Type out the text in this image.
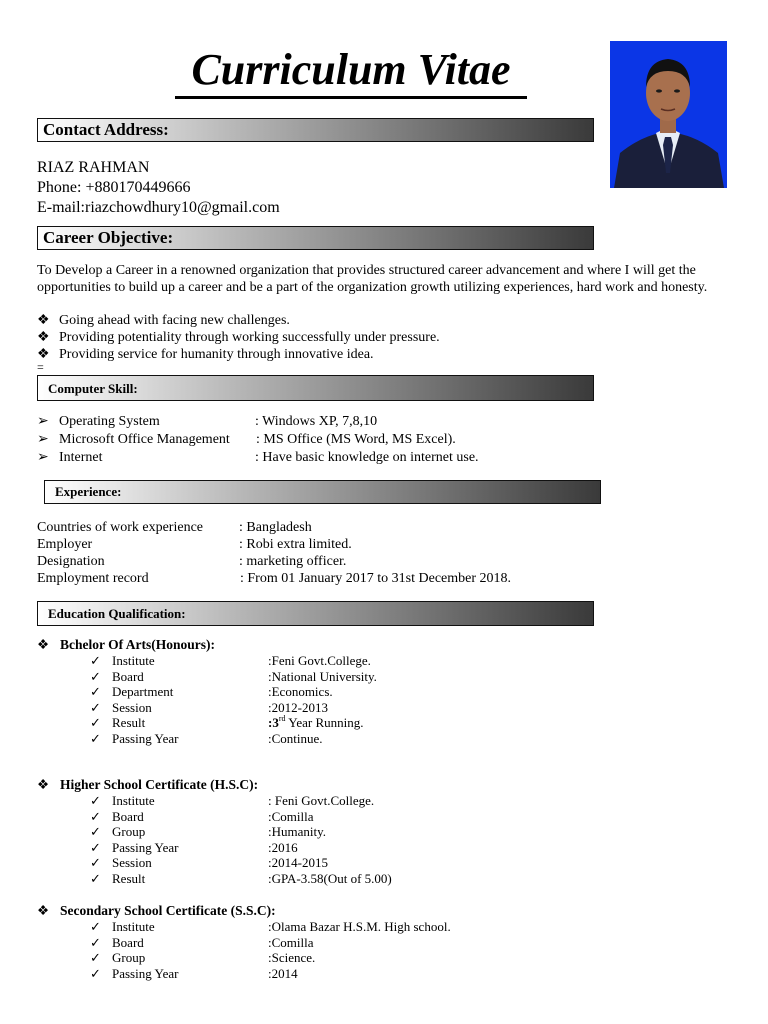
Curriculum Vitae
Contact Address:
RIAZ RAHMAN
Phone: +880170449666
E-mail:riazchowdhury10@gmail.com
Career Objective:
To Develop a Career in a renowned organization that provides structured career advancement and where I will get the opportunities to build up a career and be a part of the organization growth utilizing experiences, hard work and honesty.
❖ Going ahead with facing new challenges.
❖ Providing potentiality through working successfully under pressure.
❖ Providing service for humanity through innovative idea.
=
Computer Skill:
➢ Operating System	: Windows XP, 7,8,10
➢ Microsoft Office Management : MS Office (MS Word, MS Excel).
➢ Internet	: Have basic knowledge on internet use.
Experience:
Countries of work experience	: Bangladesh
Employer	: Robi extra limited.
Designation	: marketing officer.
Employment record	: From 01 January 2017 to 31st December 2018.
Education Qualification:
❖ Bchelor Of Arts(Honours):
✓ Institute	:Feni Govt.College.
✓ Board	:National University.
✓ Department	:Economics.
✓ Session	:2012-2013
✓ Result	:3rd Year Running.
✓ Passing Year	:Continue.
❖ Higher School Certificate (H.S.C):
✓ Institute	: Feni Govt.College.
✓ Board	:Comilla
✓ Group	:Humanity.
✓ Passing Year	:2016
✓ Session	:2014-2015
✓ Result	:GPA-3.58(Out of 5.00)
❖ Secondary School Certificate (S.S.C):
✓ Institute	:Olama Bazar H.S.M. High school.
✓ Board	:Comilla
✓ Group	:Science.
✓ Passing Year	:2014
